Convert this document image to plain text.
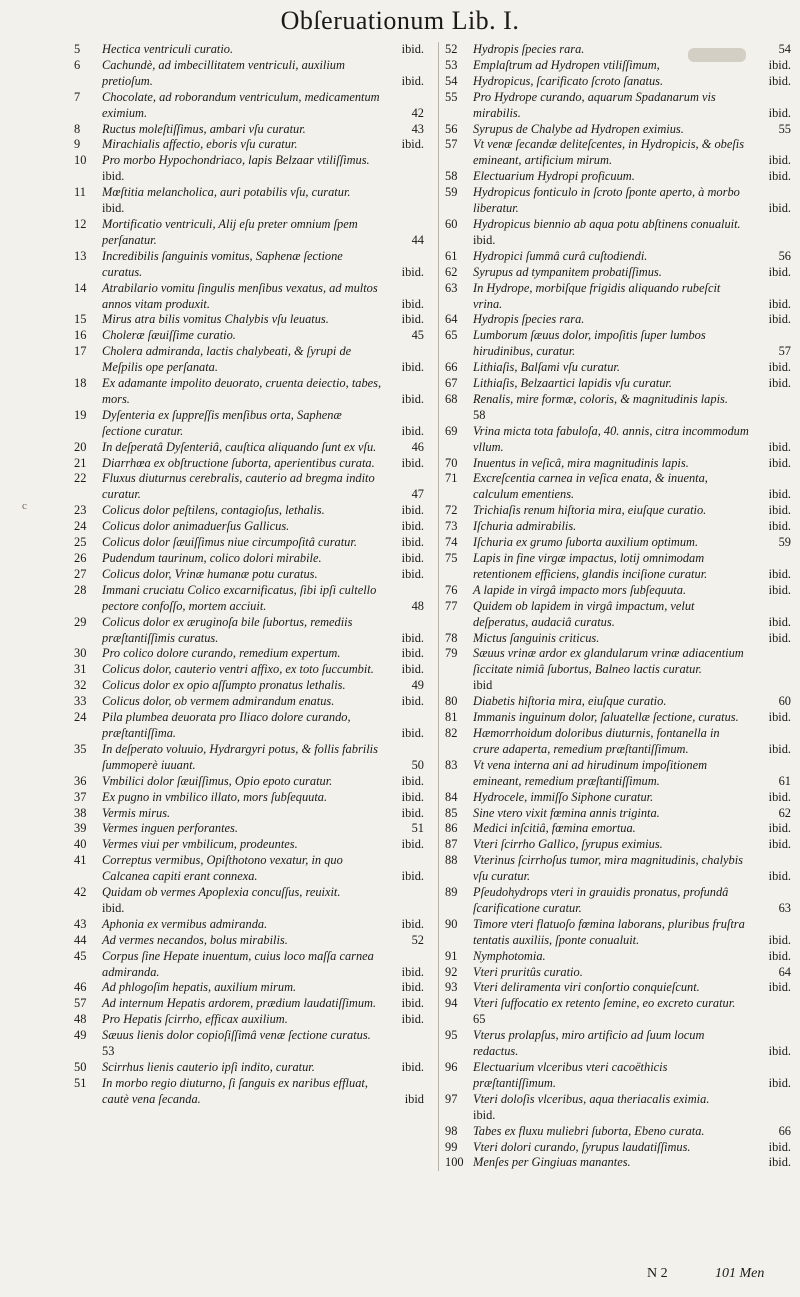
Obſeruationum Lib. I.
c
5	Hectica ventriculi curatio.	ibid.
6	Cachundè, ad imbecillitatem ventriculi, auxilium pretioſum.	ibid.
7	Chocolate, ad roborandum ventriculum, medicamentum eximium.	42
8	Ructus moleſtiſſimus, ambari vſu curatur.	43
9	Mirachialis affectio, eboris vſu curatur.	ibid.
10	Pro morbo Hypochondriaco, lapis Belzaar vtiliſſimus.
ibid.
11	Mœſtitia melancholica, auri potabilis vſu, curatur.
ibid.
12	Mortificatio ventriculi, Alij eſu preter omnium ſpem perſanatur.	44
13	Incredibilis ſanguinis vomitus, Saphenæ ſectione curatus.	ibid.
14	Atrabilario vomitu ſingulis menſibus vexatus, ad multos annos vitam produxit.	ibid.
15	Mirus atra bilis vomitus Chalybis vſu leuatus.	ibid.
16	Choleræ ſæuiſſime curatio.	45
17	Cholera admiranda, lactis chalybeati, & ſyrupi de Meſpilis ope perſanata.	ibid.
18	Ex adamante impolito deuorato, cruenta deiectio, tabes, mors.	ibid.
19	Dyſenteria ex ſuppreſſis menſibus orta, Saphenæ ſectione curatur.	ibid.
20	In deſperatâ Dyſenteriâ, cauſtica aliquando ſunt ex vſu.	46
21	Diarrhœa ex obſtructione ſuborta, aperientibus curata. ibid.
22	Fluxus diuturnus cerebralis, cauterio ad bregma indito curatur.	47
23	Colicus dolor peſtilens, contagioſus, lethalis.	ibid.
24	Colicus dolor animaduerſus Gallicus.	ibid.
25	Colicus dolor ſæuiſſimus niue circumpoſitâ curatur.	ibid.
26	Pudendum taurinum, colico dolori mirabile.	ibid.
27	Colicus dolor, Vrinæ humanæ potu curatus.	ibid.
28	Immani cruciatu Colico excarnificatus, ſibi ipſi cultello pectore confoſſo, mortem acciuit.	48
29	Colicus dolor ex æruginoſa bile ſubortus, remediis præſtantiſſimis curatus.	ibid.
30	Pro colico dolore curando, remedium expertum.	ibid.
31	Colicus dolor, cauterio ventri affixo, ex toto ſuccumbit. ibid.
32	Colicus dolor ex opio aſſumpto pronatus lethalis.	49
33	Colicus dolor, ob vermem admirandum enatus.	ibid.
24	Pila plumbea deuorata pro Iliaco dolore curando, præſtantiſſima.	ibid.
35	In deſperato voluuio, Hydrargyri potus, & follis fabrilis ſummoperè iuuant.	50
36	Vmbilici dolor ſæuiſſimus, Opio epoto curatur.	ibid.
37	Ex pugno in vmbilico illato, mors ſubſequuta.	ibid.
38	Vermis mirus.	ibid.
39	Vermes inguen perforantes.	51
40	Vermes viui per vmbilicum, prodeuntes.	ibid.
41	Correptus vermibus, Opiſthotono vexatur, in quo Calcanea capiti erant connexa.	ibid.
42	Quidam ob vermes Apoplexia concuſſus, reuixit.
ibid.
43	Aphonia ex vermibus admiranda.	ibid.
44	Ad vermes necandos, bolus mirabilis.	52
45	Corpus ſine Hepate inuentum, cuius loco maſſa carnea admiranda.	ibid.
46	Ad phlogoſim hepatis, auxilium mirum.	ibid.
57	Ad internum Hepatis ardorem, prædium laudatiſſimum. ibid.
48	Pro Hepatis ſcirrho, efficax auxilium.	ibid.
49	Sæuus lienis dolor copioſiſſimâ venæ ſectione curatus.
53
50	Scirrhus lienis cauterio ipſi indito, curatur.	ibid.
51	In morbo regio diuturno, ſi ſanguis ex naribus effluat, cautè vena ſecanda.	ibid
52	Hydropis ſpecies rara.	54
53	Emplaſtrum ad Hydropen vtiliſſimum,	ibid.
54	Hydropicus, ſcarificato ſcroto ſanatus.	ibid.
55	Pro Hydrope curando, aquarum Spadanarum vis mirabilis.	ibid.
56	Syrupus de Chalybe ad Hydropen eximius.	55
57	Vt venæ ſecandæ deliteſcentes, in Hydropicis, & obeſis emineant, artificium mirum.	ibid.
58	Electuarium Hydropi proficuum.	ibid.
59	Hydropicus fonticulo in ſcroto ſponte aperto, à morbo liberatur.	ibid.
60	Hydropicus biennio ab aqua potu abſtinens conualuit.
ibid.
61	Hydropici ſummâ curâ cuſtodiendi.	56
62	Syrupus ad tympanitem probatiſſimus.	ibid.
63	In Hydrope, morbiſque frigidis aliquando rubeſcit vrina.	ibid.
64	Hydropis ſpecies rara.	ibid.
65	Lumborum ſæuus dolor, impoſitis ſuper lumbos hirudinibus, curatur.	57
66	Lithiaſis, Balſami vſu curatur.	ibid.
67	Lithiaſis, Belzaartici lapidis vſu curatur.	ibid.
68	Renalis, mire formæ, coloris, & magnitudinis lapis.
58
69	Vrina micta tota fabuloſa, 40. annis, citra incommodum vllum.	ibid.
70	Inuentus in veſicâ, mira magnitudinis lapis.	ibid.
71	Excreſcentia carnea in veſica enata, & inuenta, calculum ementiens.	ibid.
72	Trichiaſis renum hiſtoria mira, eiuſque curatio.	ibid.
73	Iſchuria admirabilis.	ibid.
74	Iſchuria ex grumo ſuborta auxilium optimum.	59
75	Lapis in fine virgæ impactus, lotij omnimodam retentionem efficiens, glandis inciſione curatur.	ibid.
76	A lapide in virgâ impacto mors ſubſequuta.	ibid.
77	Quidem ob lapidem in virgâ impactum, velut deſperatus, audaciâ curatus.	ibid.
78	Mictus ſanguinis criticus.	ibid.
79	Sæuus vrinæ ardor ex glandularum vrinæ adiacentium ſiccitate nimiâ ſubortus, Balneo lactis curatur.
ibid
80	Diabetis hiſtoria mira, eiuſque curatio.	60
81	Immanis inguinum dolor, ſaluatellæ ſectione, curatus. ibid.
82	Hæmorrhoidum doloribus diuturnis, fontanella in crure adaperta, remedium præſtantiſſimum.	ibid.
83	Vt vena interna ani ad hirudinum impoſitionem emineant, remedium præſtantiſſimum.	61
84	Hydrocele, immiſſo Siphone curatur.	ibid.
85	Sine vtero vixit fœmina annis triginta.	62
86	Medici inſcitiâ, fœmina emortua.	ibid.
87	Vteri ſcirrho Gallico, ſyrupus eximius.	ibid.
88	Vterinus ſcirrhoſus tumor, mira magnitudinis, chalybis vſu curatur.	ibid.
89	Pſeudohydrops vteri in grauidis pronatus, profundâ ſcarificatione curatur.	63
90	Timore vteri flatuoſo fœmina laborans, pluribus fruſtra tentatis auxiliis, ſponte conualuit.	ibid.
91	Nymphotomia.	ibid.
92	Vteri pruritûs curatio.	64
93	Vteri deliramenta viri conſortio conquieſcunt.	ibid.
94	Vteri ſuffocatio ex retento ſemine, eo excreto curatur.
65
95	Vterus prolapſus, miro artificio ad ſuum locum redactus.	ibid.
96	Electuarium vlceribus vteri cacoëthicis præſtantiſſimum.	ibid.
97	Vteri doloſis vlceribus, aqua theriacalis eximia.
ibid.
98	Tabes ex fluxu muliebri ſuborta, Ebeno curata.	66
99	Vteri dolori curando, ſyrupus laudatiſſimus.	ibid.
100 Menſes per Gingiuas manantes.	ibid.
N 2	101 Men
